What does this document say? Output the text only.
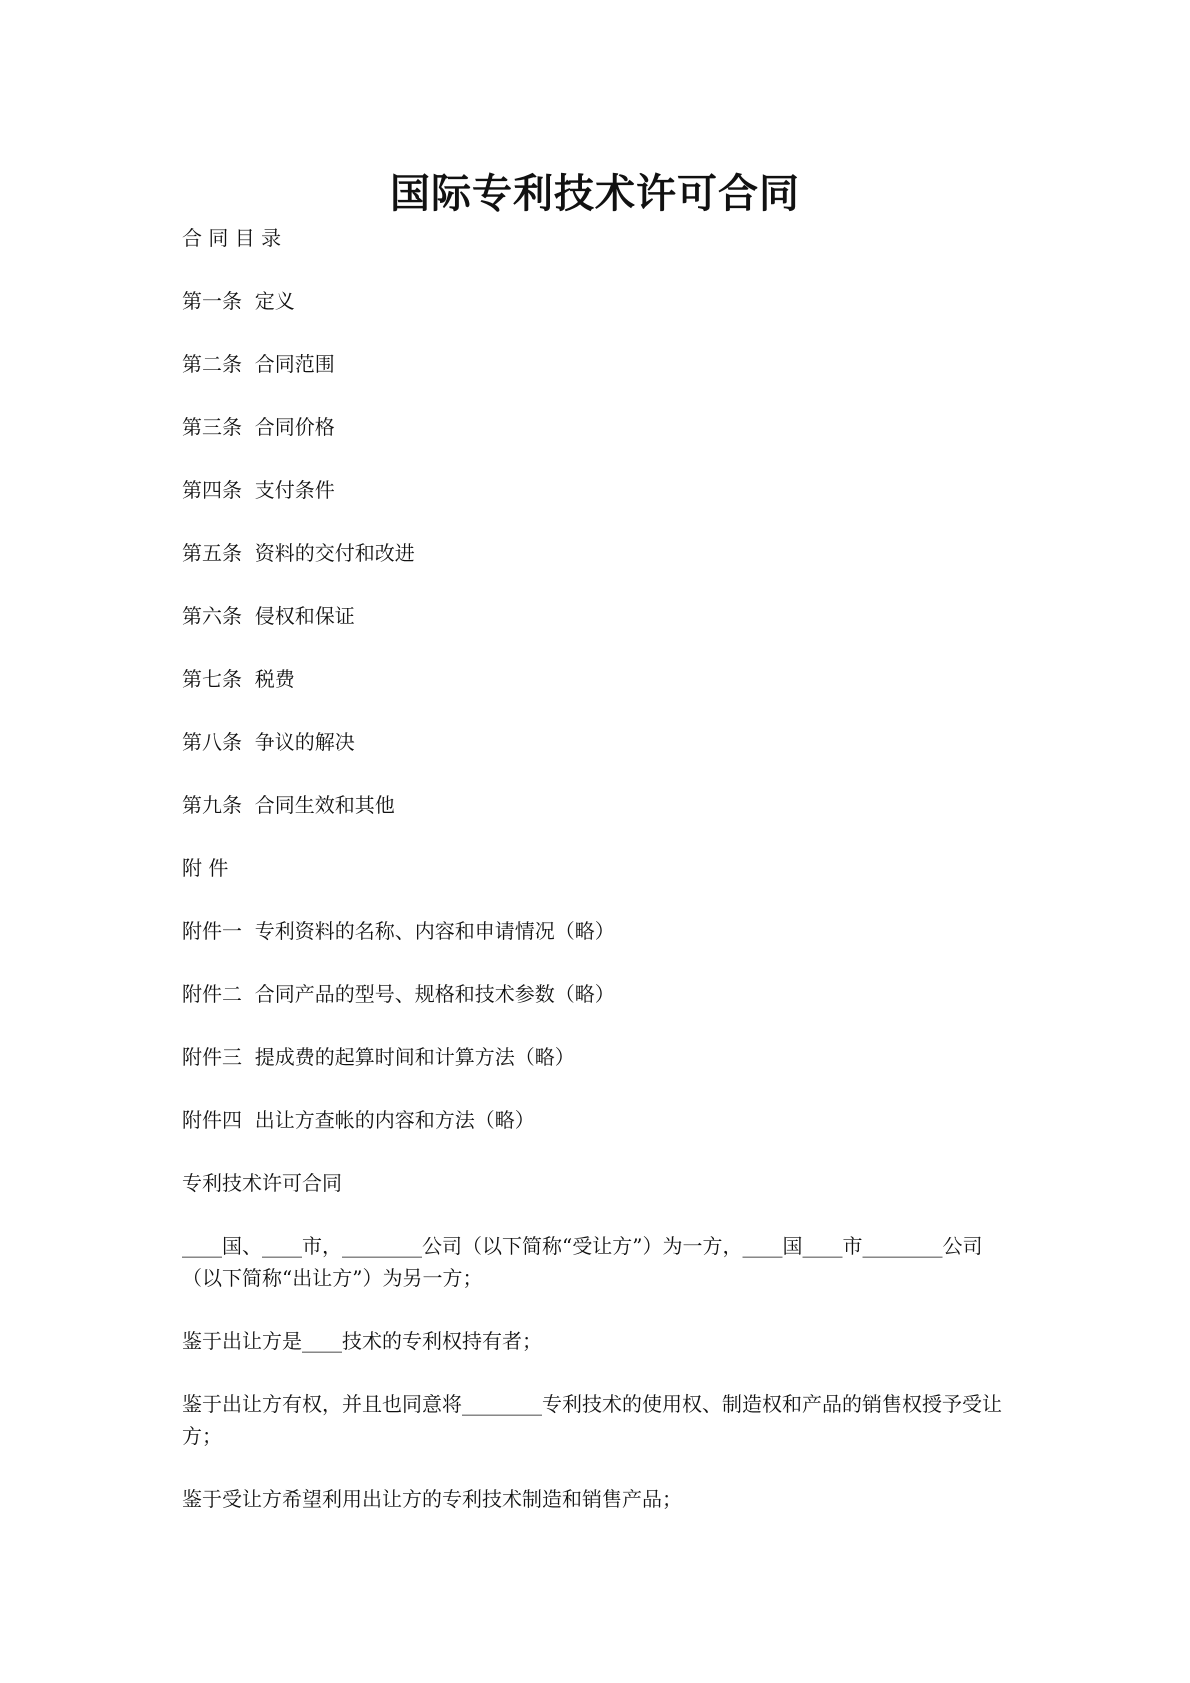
国际专利技术许可合同

合 同 目 录

第一条  定义

第二条  合同范围

第三条  合同价格

第四条  支付条件

第五条  资料的交付和改进

第六条  侵权和保证

第七条  税费

第八条  争议的解决

第九条  合同生效和其他

附 件

附件一  专利资料的名称、内容和申请情况（略）

附件二  合同产品的型号、规格和技术参数（略）

附件三  提成费的起算时间和计算方法（略）

附件四  出让方查帐的内容和方法（略）

专利技术许可合同

____国、____市，________公司（以下简称“受让方”）为一方，____国____市________公司（以下简称“出让方”）为另一方；

鉴于出让方是____技术的专利权持有者；

鉴于出让方有权，并且也同意将________专利技术的使用权、制造权和产品的销售权授予受让方；

鉴于受让方希望利用出让方的专利技术制造和销售产品；
